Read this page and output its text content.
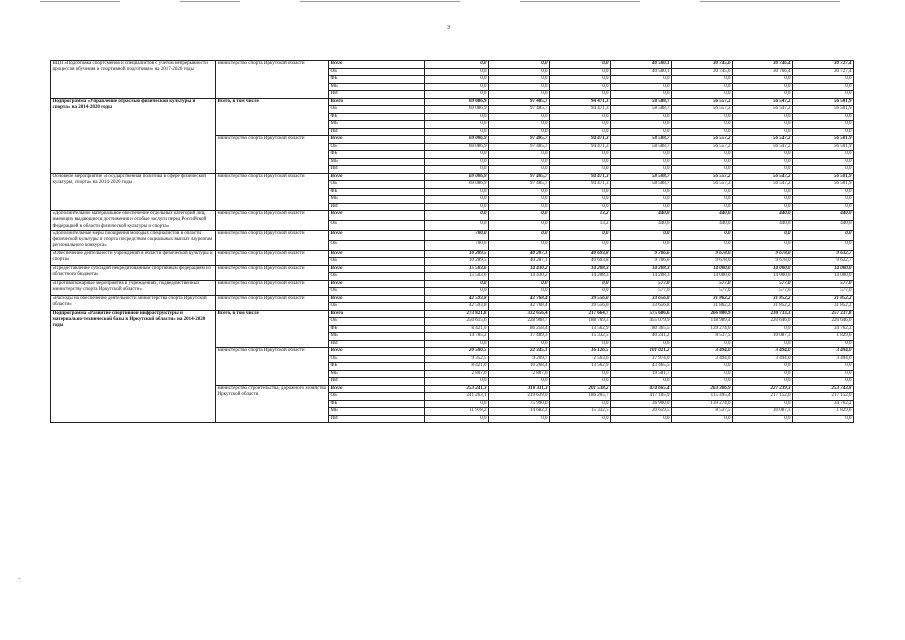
3
ВЦП «Подготовка спортсменов и специалистов с учетом непрерывности процессов обучения и спортивной подготовки» на 2017-2020 годы	министерство спорта Иркутской области	Всего	0,0	0,0	0,0	40 580,1	30 745,6	30 746,4	30 727,4
		ОБ	0,0	0,0	0,0	40 580,1	30 745,6	30 766,4	30 727,4
		ФБ	0,0	0,0	0,0	0,0	0,0	0,0	0,0
		МБ	0,0	0,0	0,0	0,0	0,0	0,0	0,0
		ИИ	0,0	0,0	0,0	0,0	0,0	0,0	0,0
Подпрограмма «Управление отраслью физической культуры и спорта» на 2014-2020 годы	Всего, в том числе	Всего	69 086,9	97 485,7	94 471,3	58 588,7	56 557,2	56 547,2	56 501,9
		ОБ	69 086,9	97 485,7	94 471,3	58 588,7	56 557,2	56 547,2	56 501,9
		ФБ	0,0	0,0	0,0	0,0	0,0	0,0	0,0
		МБ	0,0	0,0	0,0	0,0	0,0	0,0	0,0
		ИИ	0,0	0,0	0,0	0,0	0,0	0,0	0,0
	министерство спорта Иркутской области	Всего	69 086,9	97 485,7	94 471,3	58 588,7	56 557,2	56 547,2	56 501,9
		ОБ	69 086,9	97 485,7	94 471,3	58 588,7	56 557,2	56 547,2	56 501,9
		ФБ	0,0	0,0	0,0	0,0	0,0	0,0	0,0
		МБ	0,0	0,0	0,0	0,0	0,0	0,0	0,0
		ИИ	0,0	0,0	0,0	0,0	0,0	0,0	0,0
Основное мероприятие «Государственная политика в сфере физической культуры, спорта» на 2014-2020 годы	министерство спорта Иркутской области	Всего	69 086,9	97 485,7	94 471,3	58 588,7	56 557,2	56 547,2	56 501,9
		ОБ	69 086,9	97 485,7	94 471,3	58 588,7	56 557,2	56 547,2	56 501,9
		ФБ	0,0	0,0	0,0	0,0	0,0	0,0	0,0
		МБ	0,0	0,0	0,0	0,0	0,0	0,0	0,0
		ИИ	0,0	0,0	0,0	0,0	0,0	0,0	0,0
«Дополнительное материальное обеспечение отдельных категорий лиц, имеющих выдающиеся достижения и особые заслуги перед Российской Федерацией в области физической культуры и спорта»	министерство спорта Иркутской области	Всего	0,0	0,0	13,2	440,0	440,0	440,0	440,0
		ОБ	0,0	0,0	13,2	440,0	440,0	440,0	440,0
«Дополнительные меры поощрения молодых специалистов в области физической культуры и спорта посредством социальных выплат лауреатам регионального конкурса»	министерство спорта Иркутской области	Всего	700,0	0,0	0,0	0,0	0,0	0,0	0,0
		ОБ	700,0	0,0	0,0	0,0	0,0	0,0	0,0
«Обеспечение деятельности учреждений в области физической культуры и спорта»	министерство спорта Иркутской области	Всего	10 289,5	40 287,1	40 693,8	9 706,6	9 678,0	9 678,0	9 632,7
		ОБ	10 289,5	40 287,1	40 693,8	9 706,6	9 678,0	9 678,0	9 632,7
«Предоставление субсидий некредитованным спортивным федерациям из областного бюджета»	министерство спорта Иркутской области	Всего	15 503,6	14 430,2	14 208,3	14 208,3	14 000,0	14 000,0	14 000,0
		ОБ	15 503,6	14 430,2	14 208,3	14 208,3	14 000,0	14 000,0	14 000,0
«Противопожарные мероприятия в учреждениях, подведомственных министерству спорта Иркутской области»	министерство спорта Иркутской области	Всего	0,0	0,0	0,0	577,0	577,0	577,0	577,0
		ОБ	0,0	0,0	0,0	577,0	577,0	577,0	577,0
«Расходы на обеспечение деятельности министерства спорта Иркутской области»	министерство спорта Иркутской области	Всего	42 593,8	42 768,4	39 556,0	33 656,8	31 862,2	31 852,2	31 852,2
		ОБ	42 593,8	42 768,4	39 556,0	33 656,8	31 862,2	31 852,2	31 852,2
Подпрограмма «Развитие спортивной инфраструктуры и материально-технической базы в Иркутской области» на 2014-2020 годы	Всего, в том числе	Всего	273 821,8	332 656,4	217 664,7	575 686,6	266 800,9	230 733,3	257 237,8
		ОБ	250 615,6	228 908,7	188 769,3	455 079,9	118 989,4	220 646,0	220 646,0
		ФБ	8 421,0	86 258,4	13 562,9	80 365,5	139 274,0	0,0	34 762,2
		МБ	14 785,2	17 489,3	15 332,5	40 241,2	8 537,5	10 087,3	1 829,6
		ИИ	0,0	0,0	0,0	0,0	0,0	0,0	0,0
	министерство спорта Иркутской области	Всего	20 580,5	22 345,1	16 126,5	101 021,2	3 494,0	3 494,0	3 494,0
		ОБ	9 352,5	9 269,7	2 563,6	37 974,0	3 494,0	3 494,0	3 494,0
		ФБ	8 421,0	10 268,4	13 562,9	43 465,5	0,0	0,0	0,0
		МБ	2 807,0	2 807,0	0,0	19 581,7	0,0	0,0	0,0
		ИИ	0,0	0,0	0,0	0,0	0,0	0,0	0,0
	министерство строительства, дорожного хозяйства Иркутской области	Всего	253 241,3	310 311,3	201 538,2	474 665,4	263 306,9	227 239,3	253 743,8
		ОБ	241 263,1	219 639,0	186 205,7	417 105,9	115 495,4	217 152,0	217 152,0
		ФБ	0,0	75 990,0	0,0	36 900,0	139 274,0	0,0	34 762,2
		МБ	11 978,2	14 682,3	15 332,5	20 659,5	8 537,5	10 087,3	1 829,6
		ИИ	0,0	0,0	0,0	0,0	0,0	0,0	0,0
·
